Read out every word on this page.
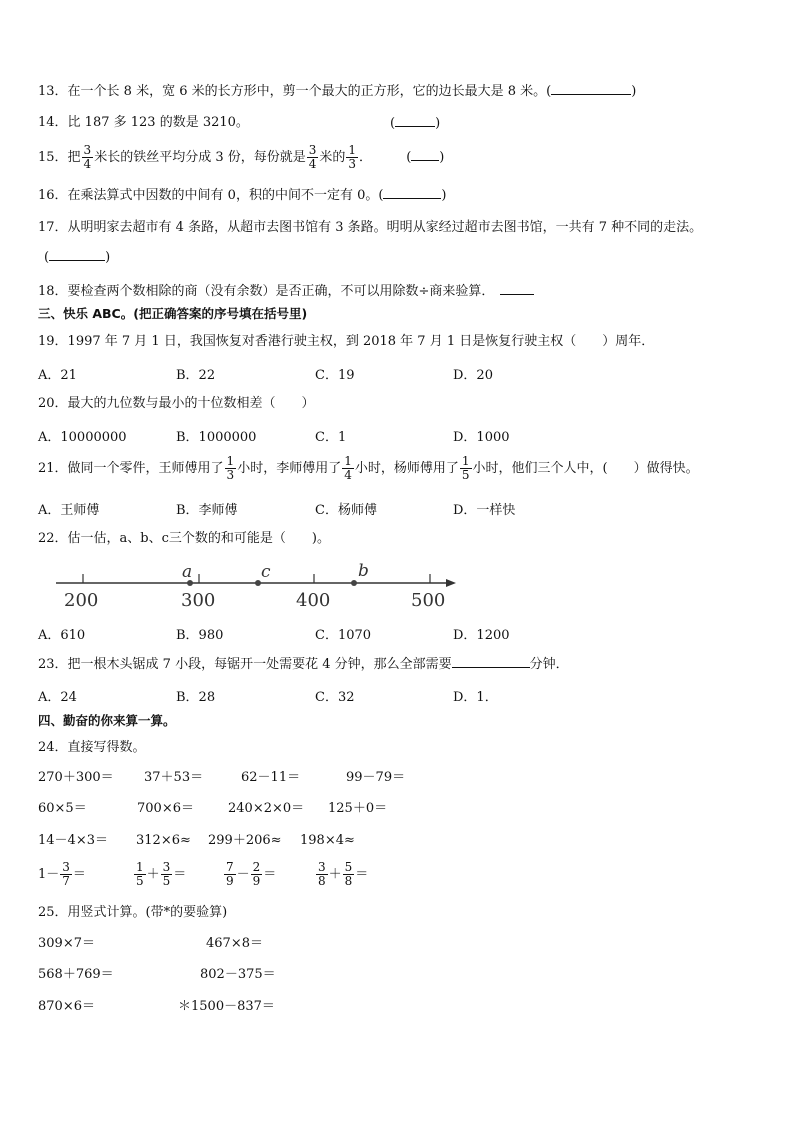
13．在一个长 8 米，宽 6 米的长方形中，剪一个最大的正方形，它的边长最大是 8 米。(	)
14．比 187 多 123 的数是 3210。	(	)
15．把 $\frac{3}{4}$ 米长的铁丝平均分成 3 份，每份就是 $\frac{3}{4}$ 米的 $\frac{1}{3}$ ．	( )
16．在乘法算式中因数的中间有 0，积的中间不一定有 0。(	)
17．从明明家去超市有 4 条路，从超市去图书馆有 3 条路。明明从家经过超市去图书馆，一共有 7 种不同的走法。
(	)
18．要检查两个数相除的商（没有余数）是否正确，不可以用除数÷商来验算．
三、快乐 ABC。(把正确答案的序号填在括号里)
19．1997 年 7 月 1 日，我国恢复对香港行驶主权，到 2018 年 7 月 1 日是恢复行驶主权（　　）周年．
A．21	B．22	C．19	D．20
20．最大的九位数与最小的十位数相差（　　）
A．10000000	B．1000000	C．1	D．1000
21．做同一个零件，王师傅用了 $\frac{1}{3}$ 小时，李师傅用了 $\frac{1}{4}$ 小时，杨师傅用了 $\frac{1}{5}$ 小时，他们三个人中，(　　）做得快。
A．王师傅	B．李师傅	C．杨师傅	D．一样快
22．估一估，a、b、c三个数的和可能是（　　)。
a	c	b
200	300	400	500
A．610	B．980	C．1070	D．1200
23．把一根木头锯成 7 小段，每锯开一处需要花 4 分钟，那么全部需要	分钟．
A．24	B．28	C．32	D．1．
四、勤奋的你来算一算。
24．直接写得数。
270＋300＝ 37＋53＝	62－11＝	99－79＝
60×5＝	700×6＝	240×2×0＝ 125＋0＝
14－4×3＝ 312×6≈ 299＋206≈ 198×4≈
$1- \frac{3}{7}$ ＝	$\frac{1}{5} + \frac{3}{5}$ ＝	$\frac{7}{9} - \frac{2}{9}$ ＝	$\frac{3}{8} + \frac{5}{8}$ ＝
25．用竖式计算。(带*的要验算)
309×7＝	467×8＝
568＋769＝	802－375＝
870×6＝	＊1500－837＝
